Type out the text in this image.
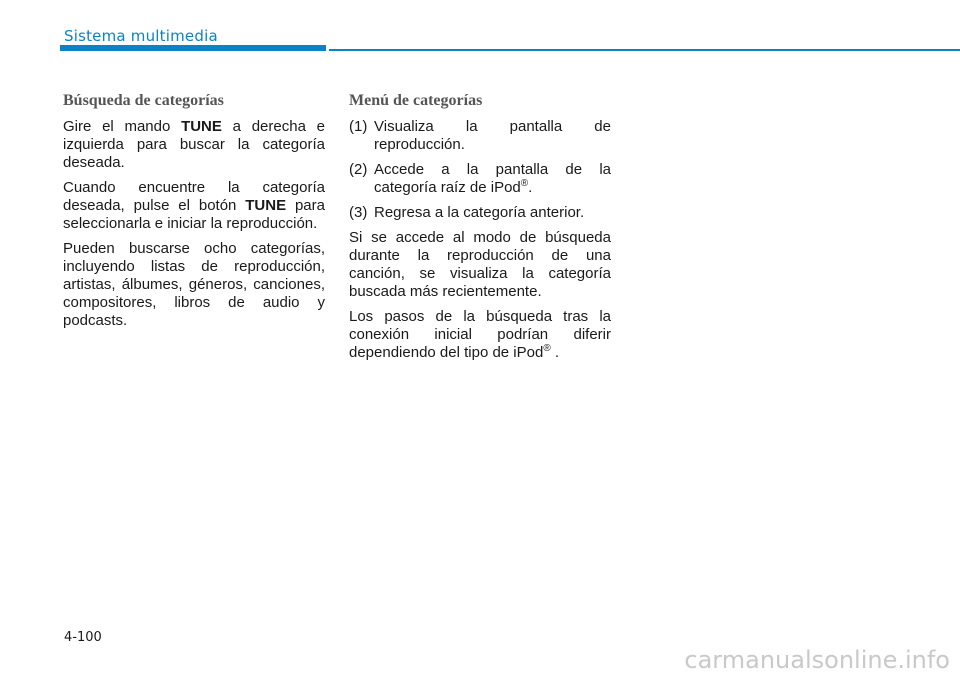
Sistema multimedia
Búsqueda de categorías

Gire el mando TUNE a derecha e izquierda para buscar la categoría deseada.

Cuando encuentre la categoría deseada, pulse el botón TUNE para seleccionarla e iniciar la reproducción.

Pueden buscarse ocho categorías, incluyendo listas de reproducción, artistas, álbumes, géneros, canciones, compositores, libros de audio y podcasts.

Menú de categorías
(1) Visualiza la pantalla de reproducción.
(2) Accede a la pantalla de la categoría raíz de iPod®.
(3) Regresa a la categoría anterior.

Si se accede al modo de búsqueda durante la reproducción de una canción, se visualiza la categoría buscada más recientemente.

Los pasos de la búsqueda tras la conexión inicial podrían diferir dependiendo del tipo de iPod® .

4-100
carmanualsonline.info
